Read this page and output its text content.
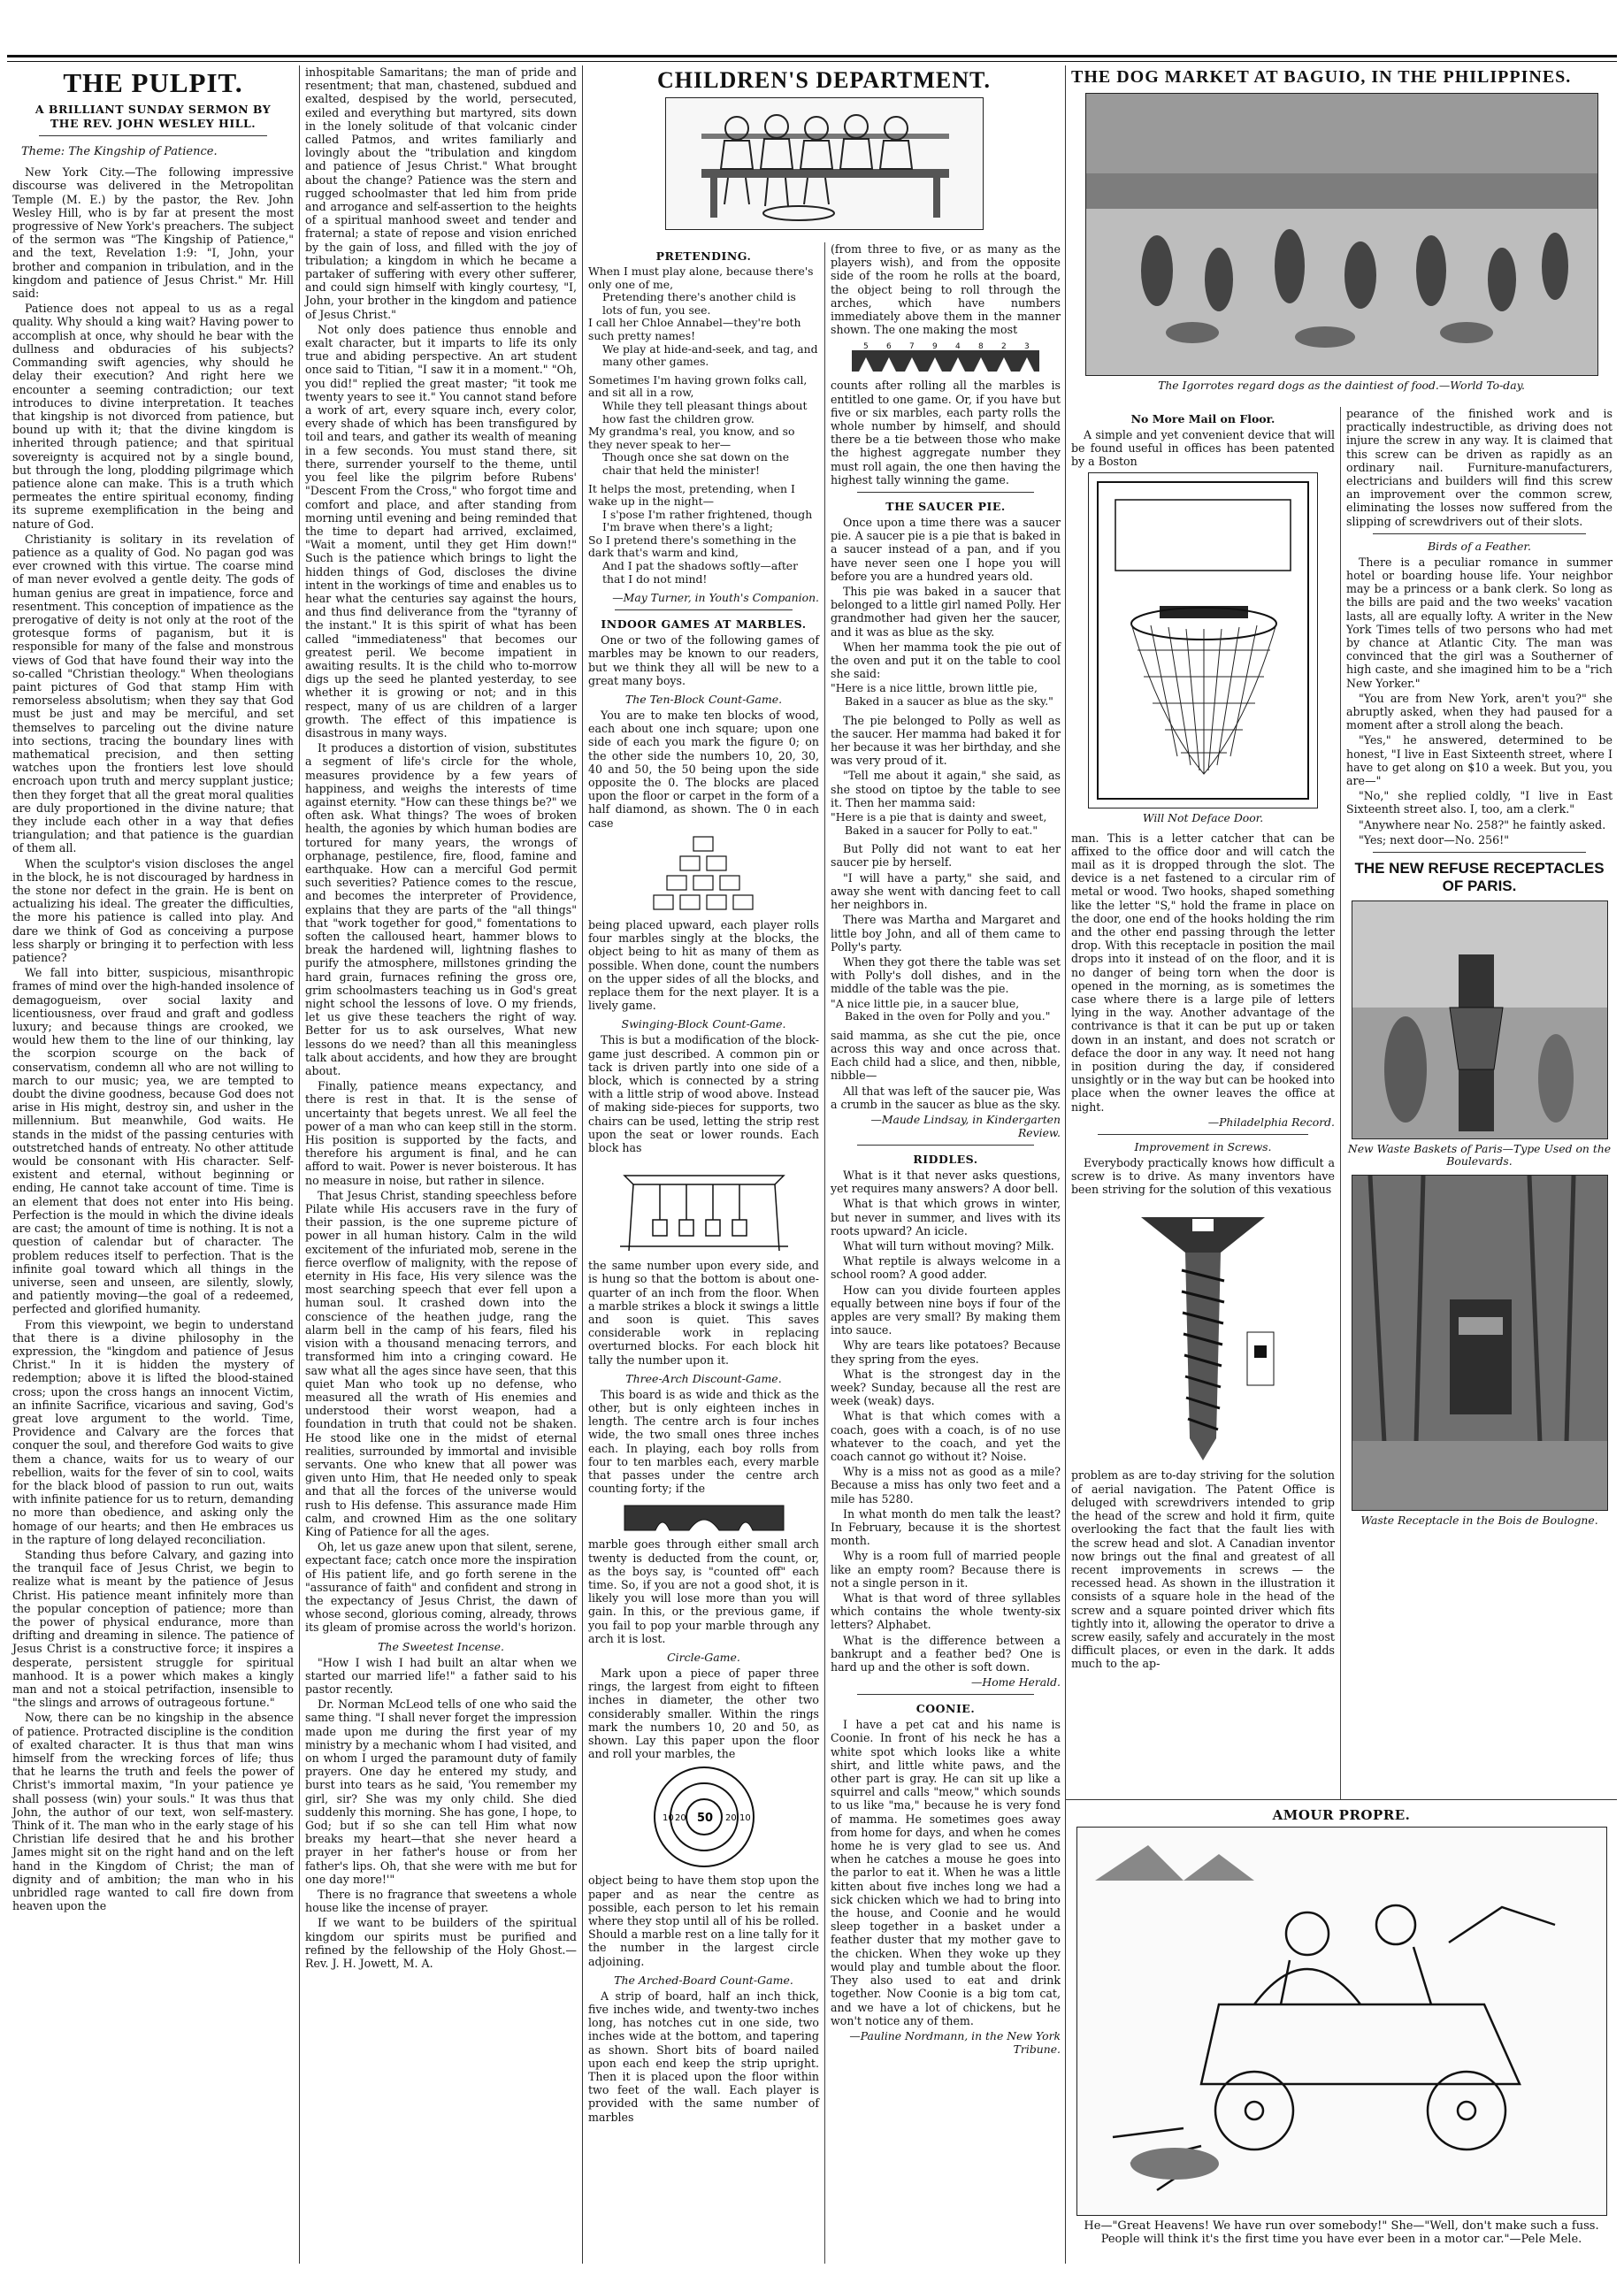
THE PULPIT.
A BRILLIANT SUNDAY SERMON BY
THE REV. JOHN WESLEY HILL.
Theme: The Kingship of Patience.

New York City.—The following impressive discourse was delivered in the Metropolitan Temple (M. E.) by the pastor, the Rev. John Wesley Hill, who is by far at present the most progressive of New York's preachers. The subject of the sermon was "The Kingship of Patience," and the text, Revelation 1:9: "I, John, your brother and companion in tribulation, and in the kingdom and patience of Jesus Christ." Mr. Hill said:

Patience does not appeal to us as a regal quality. Why should a king wait? Having power to accomplish at once, why should he bear with the dullness and obduracies of his subjects? Commanding swift agencies, why should he delay their execution? And right here we encounter a seeming contradiction; our text introduces to divine interpretation. It teaches that kingship is not divorced from patience, but bound up with it; that the divine kingdom is inherited through patience; and that spiritual sovereignty is acquired not by a single bound, but through the long, plodding pilgrimage which patience alone can make. This is a truth which permeates the entire spiritual economy, finding its supreme exemplification in the being and nature of God.

Christianity is solitary in its revelation of patience as a quality of God. No pagan god was ever crowned with this virtue. The coarse mind of man never evolved a gentle deity. The gods of human genius are great in impatience, force and resentment. This conception of impatience as the prerogative of deity is not only at the root of the grotesque forms of paganism, but it is responsible for many of the false and monstrous views of God that have found their way into the so-called "Christian theology." When theologians paint pictures of God that stamp Him with remorseless absolutism; when they say that God must be just and may be merciful, and set themselves to parceling out the divine nature into sections, tracing the boundary lines with mathematical precision, and then setting watches upon the frontiers lest love should encroach upon truth and mercy supplant justice; then they forget that all the great moral qualities are duly proportioned in the divine nature; that they include each other in a way that defies triangulation; and that patience is the guardian of them all.

When the sculptor's vision discloses the angel in the block, he is not discouraged by hardness in the stone nor defect in the grain. He is bent on actualizing his ideal. The greater the difficulties, the more his patience is called into play. And dare we think of God as conceiving a purpose less sharply or bringing it to perfection with less patience?

We fall into bitter, suspicious, misanthropic frames of mind over the high-handed insolence of demagogueism, over social laxity and licentiousness, over fraud and graft and godless luxury; and because things are crooked, we would hew them to the line of our thinking, lay the scorpion scourge on the back of conservatism, condemn all who are not willing to march to our music; yea, we are tempted to doubt the divine goodness, because God does not arise in His might, destroy sin, and usher in the millennium. But meanwhile, God waits. He stands in the midst of the passing centuries with outstretched hands of entreaty. No other attitude would be consonant with His character. Self-existent and eternal, without beginning or ending, He cannot take account of time. Time is an element that does not enter into His being. Perfection is the mould in which the divine ideals are cast; the amount of time is nothing. It is not a question of calendar but of character. The problem reduces itself to perfection. That is the infinite goal toward which all things in the universe, seen and unseen, are silently, slowly, and patiently moving—the goal of a redeemed, perfected and glorified humanity.

From this viewpoint, we begin to understand that there is a divine philosophy in the expression, the "kingdom and patience of Jesus Christ." In it is hidden the mystery of redemption; above it is lifted the blood-stained cross; upon the cross hangs an innocent Victim, an infinite Sacrifice, vicarious and saving, God's great love argument to the world. Time, Providence and Calvary are the forces that conquer the soul, and therefore God waits to give them a chance, waits for us to weary of our rebellion, waits for the fever of sin to cool, waits for the black blood of passion to run out, waits with infinite patience for us to return, demanding no more than obedience, and asking only the homage of our hearts; and then He embraces us in the rapture of long delayed reconciliation.

Standing thus before Calvary, and gazing into the tranquil face of Jesus Christ, we begin to realize what is meant by the patience of Jesus Christ. His patience meant infinitely more than the popular conception of patience; more than the power of physical endurance, more than drifting and dreaming in silence. The patience of Jesus Christ is a constructive force; it inspires a desperate, persistent struggle for spiritual manhood. It is a power which makes a kingly man and not a stoical petrifaction, insensible to "the slings and arrows of outrageous fortune."

Now, there can be no kingship in the absence of patience. Protracted discipline is the condition of exalted character. It is thus that man wins himself from the wrecking forces of life; thus that he learns the truth and feels the power of Christ's immortal maxim, "In your patience ye shall possess (win) your souls." It was thus that John, the author of our text, won self-mastery. Think of it. The man who in the early stage of his Christian life desired that he and his brother James might sit on the right hand and on the left hand in the Kingdom of Christ; the man of dignity and of ambition; the man who in his unbridled rage wanted to call fire down from heaven upon the

inhospitable Samaritans; the man of pride and resentment; that man, chastened, subdued and exalted, despised by the world, persecuted, exiled and everything but martyred, sits down in the lonely solitude of that volcanic cinder called Patmos, and writes familiarly and lovingly about the "tribulation and kingdom and patience of Jesus Christ." What brought about the change? Patience was the stern and rugged schoolmaster that led him from pride and arrogance and self-assertion to the heights of a spiritual manhood sweet and tender and fraternal; a state of repose and vision enriched by the gain of loss, and filled with the joy of tribulation; a kingdom in which he became a partaker of suffering with every other sufferer, and could sign himself with kingly courtesy, "I, John, your brother in the kingdom and patience of Jesus Christ."

Not only does patience thus ennoble and exalt character, but it imparts to life its only true and abiding perspective. An art student once said to Titian, "I saw it in a moment." "Oh, you did!" replied the great master; "it took me twenty years to see it." You cannot stand before a work of art, every square inch, every color, every shade of which has been transfigured by toil and tears, and gather its wealth of meaning in a few seconds. You must stand there, sit there, surrender yourself to the theme, until you feel like the pilgrim before Rubens' "Descent From the Cross," who forgot time and comfort and place, and after standing from morning until evening and being reminded that the time to depart had arrived, exclaimed, "Wait a moment, until they get Him down!" Such is the patience which brings to light the hidden things of God, discloses the divine intent in the workings of time and enables us to hear what the centuries say against the hours, and thus find deliverance from the "tyranny of the instant." It is this spirit of what has been called "immediateness" that becomes our greatest peril. We become impatient in awaiting results. It is the child who to-morrow digs up the seed he planted yesterday, to see whether it is growing or not; and in this respect, many of us are children of a larger growth. The effect of this impatience is disastrous in many ways.

It produces a distortion of vision, substitutes a segment of life's circle for the whole, measures providence by a few years of happiness, and weighs the interests of time against eternity. "How can these things be?" we often ask. What things? The woes of broken health, the agonies by which human bodies are tortured for many years, the wrongs of orphanage, pestilence, fire, flood, famine and earthquake. How can a merciful God permit such severities? Patience comes to the rescue, and becomes the interpreter of Providence, explains that they are parts of the "all things" that "work together for good," fomentations to soften the calloused heart, hammer blows to break the hardened will, lightning flashes to purify the atmosphere, millstones grinding the hard grain, furnaces refining the gross ore, grim schoolmasters teaching us in God's great night school the lessons of love. O my friends, let us give these teachers the right of way. Better for us to ask ourselves, What new lessons do we need? than all this meaningless talk about accidents, and how they are brought about.

Finally, patience means expectancy, and there is rest in that. It is the sense of uncertainty that begets unrest. We all feel the power of a man who can keep still in the storm. His position is supported by the facts, and therefore his argument is final, and he can afford to wait. Power is never boisterous. It has no measure in noise, but rather in silence.

That Jesus Christ, standing speechless before Pilate while His accusers rave in the fury of their passion, is the one supreme picture of power in all human history. Calm in the wild excitement of the infuriated mob, serene in the fierce overflow of malignity, with the repose of eternity in His face, His very silence was the most searching speech that ever fell upon a human soul. It crashed down into the conscience of the heathen judge, rang the alarm bell in the camp of his fears, filed his vision with a thousand menacing terrors, and transformed him into a cringing coward. He saw what all the ages since have seen, that this quiet Man who took up no defense, who measured all the wrath of His enemies and understood their worst weapon, had a foundation in truth that could not be shaken. He stood like one in the midst of eternal realities, surrounded by immortal and invisible servants. One who knew that all power was given unto Him, that He needed only to speak and that all the forces of the universe would rush to His defense. This assurance made Him calm, and crowned Him as the one solitary King of Patience for all the ages.

Oh, let us gaze anew upon that silent, serene, expectant face; catch once more the inspiration of His patient life, and go forth serene in the "assurance of faith" and confident and strong in the expectancy of Jesus Christ, the dawn of whose second, glorious coming, already, throws its gleam of promise across the world's horizon.

The Sweetest Incense.

"How I wish I had built an altar when we started our married life!" a father said to his pastor recently.

Dr. Norman McLeod tells of one who said the same thing. "I shall never forget the impression made upon me during the first year of my ministry by a mechanic whom I had visited, and on whom I urged the paramount duty of family prayers. One day he entered my study, and burst into tears as he said, 'You remember my girl, sir? She was my only child. She died suddenly this morning. She has gone, I hope, to God; but if so she can tell Him what now breaks my heart—that she never heard a prayer in her father's house or from her father's lips. Oh, that she were with me but for one day more!'"

There is no fragrance that sweetens a whole house like the incense of prayer.

If we want to be builders of the spiritual kingdom our spirits must be purified and refined by the fellowship of the Holy Ghost.—Rev. J. H. Jowett, M. A.

CHILDREN'S DEPARTMENT.
PRETENDING.
When I must play alone, because there's only one of me,
Pretending there's another child is lots of fun, you see.
I call her Chloe Annabel—they're both such pretty names!
We play at hide-and-seek, and tag, and many other games.
Sometimes I'm having grown folks call, and sit all in a row,
While they tell pleasant things about how fast the children grow.
My grandma's real, you know, and so they never speak to her—
Though once she sat down on the chair that held the minister!
It helps the most, pretending, when I wake up in the night—
I s'pose I'm rather frightened, though I'm brave when there's a light;
So I pretend there's something in the dark that's warm and kind,
And I pat the shadows softly—after that I do not mind!
—May Turner, in Youth's Companion.
INDOOR GAMES AT MARBLES.

One or two of the following games of marbles may be known to our readers, but we think they all will be new to a great many boys.

The Ten-Block Count-Game.

You are to make ten blocks of wood, each about one inch square; upon one side of each you mark the figure 0; on the other side the numbers 10, 20, 30, 40 and 50, the 50 being upon the side opposite the 0. The blocks are placed upon the floor or carpet in the form of a half diamond, as shown. The 0 in each case

being placed upward, each player rolls four marbles singly at the blocks, the object being to hit as many of them as possible. When done, count the numbers on the upper sides of all the blocks, and replace them for the next player. It is a lively game.

Swinging-Block Count-Game.

This is but a modification of the block-game just described. A common pin or tack is driven partly into one side of a block, which is connected by a string with a little strip of wood above. Instead of making side-pieces for supports, two chairs can be used, letting the strip rest upon the seat or lower rounds. Each block has

the same number upon every side, and is hung so that the bottom is about one-quarter of an inch from the floor. When a marble strikes a block it swings a little and soon is quiet. This saves considerable work in replacing overturned blocks. For each block hit tally the number upon it.

Three-Arch Discount-Game.

This board is as wide and thick as the other, but is only eighteen inches in length. The centre arch is four inches wide, the two small ones three inches each. In playing, each boy rolls from four to ten marbles each, every marble that passes under the centre arch counting forty; if the

marble goes through either small arch twenty is deducted from the count, or, as the boys say, is "counted off" each time. So, if you are not a good shot, it is likely you will lose more than you will gain. In this, or the previous game, if you fail to pop your marble through any arch it is lost.

Circle-Game.

Mark upon a piece of paper three rings, the largest from eight to fifteen inches in diameter, the other two considerably smaller. Within the rings mark the numbers 10, 20 and 50, as shown. Lay this paper upon the floor and roll your marbles, the

10 20 50 20 10

object being to have them stop upon the paper and as near the centre as possible, each person to let his remain where they stop until all of his be rolled. Should a marble rest on a line tally for it the number in the largest circle adjoining.

The Arched-Board Count-Game.

A strip of board, half an inch thick, five inches wide, and twenty-two inches long, has notches cut in one side, two inches wide at the bottom, and tapering as shown. Short bits of board nailed upon each end keep the strip upright. Then it is placed upon the floor within two feet of the wall. Each player is provided with the same number of marbles

(from three to five, or as many as the players wish), and from the opposite side of the room he rolls at the board, the object being to roll through the arches, which have numbers immediately above them in the manner shown. The one making the most

5 6 7 9 4 8 2 3

counts after rolling all the marbles is entitled to one game. Or, if you have but five or six marbles, each party rolls the whole number by himself, and should there be a tie between those who make the highest aggregate number they must roll again, the one then having the highest tally winning the game.

THE SAUCER PIE.

Once upon a time there was a saucer pie. A saucer pie is a pie that is baked in a saucer instead of a pan, and if you have never seen one I hope you will before you are a hundred years old.

This pie was baked in a saucer that belonged to a little girl named Polly. Her grandmother had given her the saucer, and it was as blue as the sky.

When her mamma took the pie out of the oven and put it on the table to cool she said:

"Here is a nice little, brown little pie,
Baked in a saucer as blue as the sky."

The pie belonged to Polly as well as the saucer. Her mamma had baked it for her because it was her birthday, and she was very proud of it.

"Tell me about it again," she said, as she stood on tiptoe by the table to see it. Then her mamma said:

"Here is a pie that is dainty and sweet,
Baked in a saucer for Polly to eat."

But Polly did not want to eat her saucer pie by herself.

"I will have a party," she said, and away she went with dancing feet to call her neighbors in.

There was Martha and Margaret and little boy John, and all of them came to Polly's party.

When they got there the table was set with Polly's doll dishes, and in the middle of the table was the pie.

"A nice little pie, in a saucer blue,
Baked in the oven for Polly and you."

said mamma, as she cut the pie, once across this way and once across that. Each child had a slice, and then, nibble, nibble—

All that was left of the saucer pie, Was a crumb in the saucer as blue as the sky.

—Maude Lindsay, in Kindergarten Review.
RIDDLES.

What is it that never asks questions, yet requires many answers? A door bell.

What is that which grows in winter, but never in summer, and lives with its roots upward? An icicle.

What will turn without moving? Milk.

What reptile is always welcome in a school room? A good adder.

How can you divide fourteen apples equally between nine boys if four of the apples are very small? By making them into sauce.

Why are tears like potatoes? Because they spring from the eyes.

What is the strongest day in the week? Sunday, because all the rest are week (weak) days.

What is that which comes with a coach, goes with a coach, is of no use whatever to the coach, and yet the coach cannot go without it? Noise.

Why is a miss not as good as a mile? Because a miss has only two feet and a mile has 5280.

In what month do men talk the least? In February, because it is the shortest month.

Why is a room full of married people like an empty room? Because there is not a single person in it.

What is that word of three syllables which contains the whole twenty-six letters? Alphabet.

What is the difference between a bankrupt and a feather bed? One is hard up and the other is soft down.

—Home Herald.
COONIE.

I have a pet cat and his name is Coonie. In front of his neck he has a white spot which looks like a white shirt, and little white paws, and the other part is gray. He can sit up like a squirrel and calls "meow," which sounds to us like "ma," because he is very fond of mamma. He sometimes goes away from home for days, and when he comes home he is very glad to see us. And when he catches a mouse he goes into the parlor to eat it. When he was a little kitten about five inches long we had a sick chicken which we had to bring into the house, and Coonie and he would sleep together in a basket under a feather duster that my mother gave to the chicken. When they woke up they would play and tumble about the floor. They also used to eat and drink together. Now Coonie is a big tom cat, and we have a lot of chickens, but he won't notice any of them.

—Pauline Nordmann, in the New York Tribune.
THE DOG MARKET AT BAGUIO, IN THE PHILIPPINES.
The Igorrotes regard dogs as the daintiest of food.—World To-day.
No More Mail on Floor.

A simple and yet convenient device that will be found useful in offices has been patented by a Boston

Will Not Deface Door.

man. This is a letter catcher that can be affixed to the office door and will catch the mail as it is dropped through the slot. The device is a net fastened to a circular rim of metal or wood. Two hooks, shaped something like the letter "S," hold the frame in place on the door, one end of the hooks holding the rim and the other end passing through the letter drop. With this receptacle in position the mail drops into it instead of on the floor, and it is no danger of being torn when the door is opened in the morning, as is sometimes the case where there is a large pile of letters lying in the way. Another advantage of the contrivance is that it can be put up or taken down in an instant, and does not scratch or deface the door in any way. It need not hang in position during the day, if considered unsightly or in the way but can be hooked into place when the owner leaves the office at night.

—Philadelphia Record.
Improvement in Screws.

Everybody practically knows how difficult a screw is to drive. As many inventors have been striving for the solution of this vexatious

problem as are to-day striving for the solution of aerial navigation. The Patent Office is deluged with screwdrivers intended to grip the head of the screw and hold it firm, quite overlooking the fact that the fault lies with the screw head and slot. A Canadian inventor now brings out the final and greatest of all recent improvements in screws — the recessed head. As shown in the illustration it consists of a square hole in the head of the screw and a square pointed driver which fits tightly into it, allowing the operator to drive a screw easily, safely and accurately in the most difficult places, or even in the dark. It adds much to the ap-

pearance of the finished work and is practically indestructible, as driving does not injure the screw in any way. It is claimed that this screw can be driven as rapidly as an ordinary nail. Furniture-manufacturers, electricians and builders will find this screw an improvement over the common screw, eliminating the losses now suffered from the slipping of screwdrivers out of their slots.

Birds of a Feather.

There is a peculiar romance in summer hotel or boarding house life. Your neighbor may be a princess or a bank clerk. So long as the bills are paid and the two weeks' vacation lasts, all are equally lofty. A writer in the New York Times tells of two persons who had met by chance at Atlantic City. The man was convinced that the girl was a Southerner of high caste, and she imagined him to be a "rich New Yorker."

"You are from New York, aren't you?" she abruptly asked, when they had paused for a moment after a stroll along the beach.

"Yes," he answered, determined to be honest, "I live in East Sixteenth street, where I have to get along on $10 a week. But you, you are—"

"No," she replied coldly, "I live in East Sixteenth street also. I, too, am a clerk."

"Anywhere near No. 258?" he faintly asked.

"Yes; next door—No. 256!"

THE NEW REFUSE RECEPTACLES OF PARIS.
New Waste Baskets of Paris—Type Used on the Boulevards.
Waste Receptacle in the Bois de Boulogne.
AMOUR PROPRE.

He—"Great Heavens! We have run over somebody!" She—"Well, don't make such a fuss. People will think it's the first time you have ever been in a motor car."—Pele Mele.
